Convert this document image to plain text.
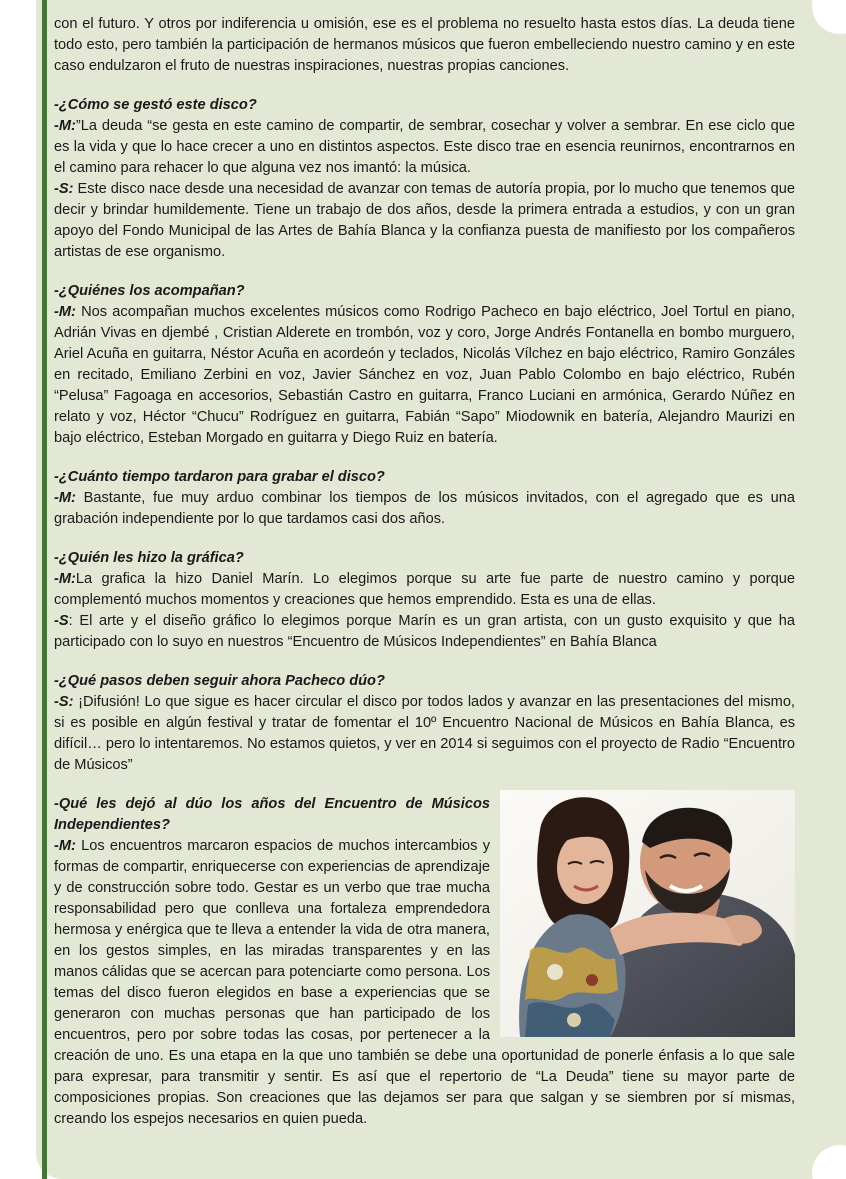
con el futuro. Y otros por indiferencia u omisión, ese es el problema no resuelto hasta estos días. La deuda tiene todo esto, pero también la participación de hermanos músicos que fueron embelleciendo nuestro camino y en este caso endulzaron el fruto de nuestras inspiraciones, nuestras propias canciones.

-¿Cómo se gestó este disco?

-M:”La deuda “se gesta en este camino de compartir, de sembrar, cosechar y volver a sembrar. En ese ciclo que es la vida y que lo hace crecer a uno en distintos aspectos. Este disco trae en esencia reunirnos, encontrarnos en el camino para rehacer lo que alguna vez nos imantó: la música.

-S: Este disco nace desde una necesidad de avanzar con temas de autoría propia, por lo mucho que tenemos que decir y brindar humildemente. Tiene un trabajo de dos años, desde la primera entrada a estudios, y con un gran apoyo del Fondo Municipal de las Artes de Bahía Blanca y la confianza puesta de manifiesto por los compañeros artistas de ese organismo.

-¿Quiénes los acompañan?

-M: Nos acompañan muchos excelentes músicos como Rodrigo Pacheco en bajo eléctrico, Joel Tortul en piano, Adrián Vivas en djembé , Cristian Alderete en trombón, voz y coro, Jorge Andrés Fontanella en bombo murguero, Ariel Acuña en guitarra, Néstor Acuña en acordeón y teclados, Nicolás Vílchez en bajo eléctrico, Ramiro Gonzáles en recitado, Emiliano Zerbini en voz, Javier Sánchez en voz, Juan Pablo Colombo en bajo eléctrico, Rubén “Pelusa” Fagoaga en accesorios, Sebastián Castro en guitarra, Franco Luciani en armónica, Gerardo Núñez en relato y voz, Héctor “Chucu” Rodríguez en guitarra, Fabián “Sapo” Miodownik en batería, Alejandro Maurizi en bajo eléctrico, Esteban Morgado en guitarra y Diego Ruiz en batería.

-¿Cuánto tiempo tardaron para grabar el disco?

-M: Bastante, fue muy arduo combinar los tiempos de los músicos invitados, con el agregado que es una grabación independiente por lo que tardamos casi dos años.

-¿Quién les hizo la gráfica?

-M:La grafica la hizo Daniel Marín. Lo elegimos porque su arte fue parte de nuestro camino y porque complementó muchos momentos y creaciones que hemos emprendido. Esta es una de ellas.

-S: El arte y el diseño gráfico lo elegimos porque Marín es un gran artista, con un gusto exquisito y que ha participado con lo suyo en nuestros “Encuentro de Músicos Independientes” en Bahía Blanca

-¿Qué pasos deben seguir ahora Pacheco dúo?

-S: ¡Difusión! Lo que sigue es hacer circular el disco por todos lados y avanzar en las presentaciones del mismo, si es posible en algún festival y tratar de fomentar el 10º Encuentro Nacional de Músicos en Bahía Blanca, es difícil… pero lo intentaremos. No estamos quietos, y ver en 2014 si seguimos con el proyecto de Radio “Encuentro de Músicos”

-Qué les dejó al dúo los años del Encuentro de Músicos Independientes?

-M: Los encuentros marcaron espacios de muchos intercambios y formas de compartir, enriquecerse con experiencias de aprendizaje y de construcción sobre todo. Gestar es un verbo que trae mucha responsabilidad pero que conlleva una fortaleza emprendedora hermosa y enérgica que te lleva a entender la vida de otra manera, en los gestos simples, en las miradas transparentes y en las manos cálidas que se acercan para potenciarte como persona. Los temas del disco fueron elegidos en base a experiencias que se generaron con muchas personas que han participado de los encuentros, pero por sobre todas las cosas, por pertenecer a la creación de uno. Es una etapa en la que uno también se debe una oportunidad de ponerle énfasis a lo que sale para expresar, para transmitir y sentir. Es así que el repertorio de “La Deuda” tiene su mayor parte de composiciones propias. Son creaciones que las dejamos ser para que salgan y se siembren por sí mismas, creando los espejos necesarios en quien pueda.
